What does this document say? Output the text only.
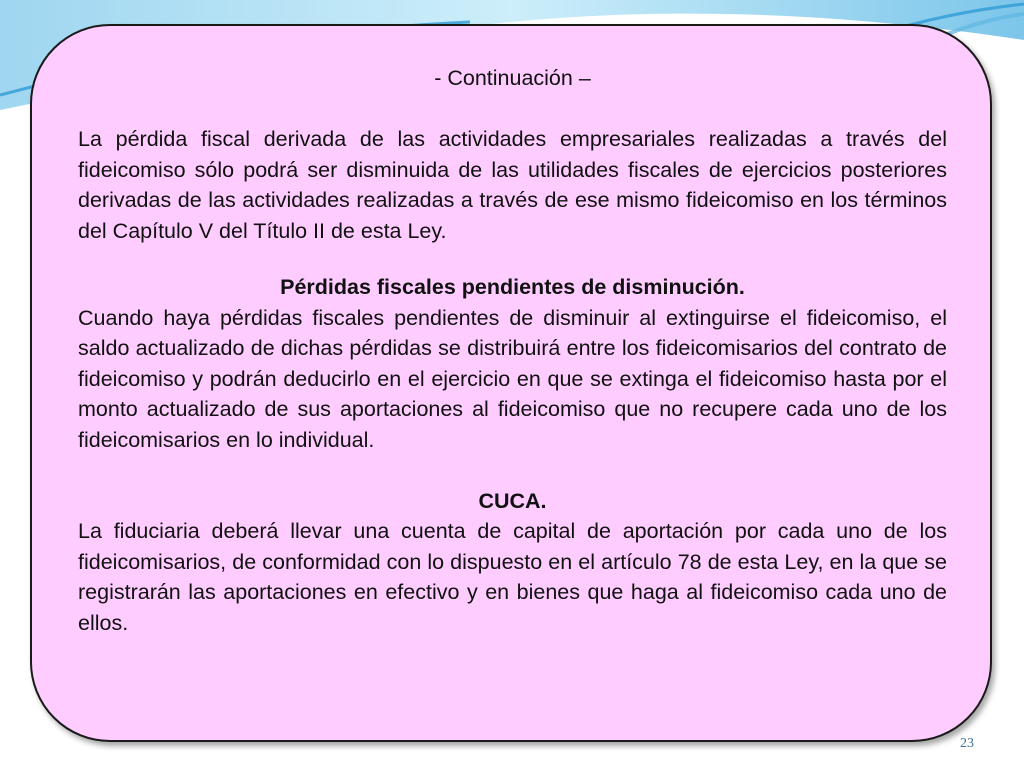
- Continuación –

La pérdida fiscal derivada de las actividades empresariales realizadas a través del fideicomiso sólo podrá ser disminuida de las utilidades fiscales de ejercicios posteriores derivadas de las actividades realizadas a través de ese mismo fideicomiso en los términos del Capítulo V del Título II de esta Ley.

Pérdidas fiscales pendientes de disminución.

Cuando haya pérdidas fiscales pendientes de disminuir al extinguirse el fideicomiso, el saldo actualizado de dichas pérdidas se distribuirá entre los fideicomisarios del contrato de fideicomiso y podrán deducirlo en el ejercicio en que se extinga el fideicomiso hasta por el monto actualizado de sus aportaciones al fideicomiso que no recupere cada uno de los fideicomisarios en lo individual.

CUCA.

La fiduciaria deberá llevar una cuenta de capital de aportación por cada uno de los fideicomisarios, de conformidad con lo dispuesto en el artículo 78 de esta Ley, en la que se registrarán las aportaciones en efectivo y en bienes que haga al fideicomiso cada uno de ellos.

23
